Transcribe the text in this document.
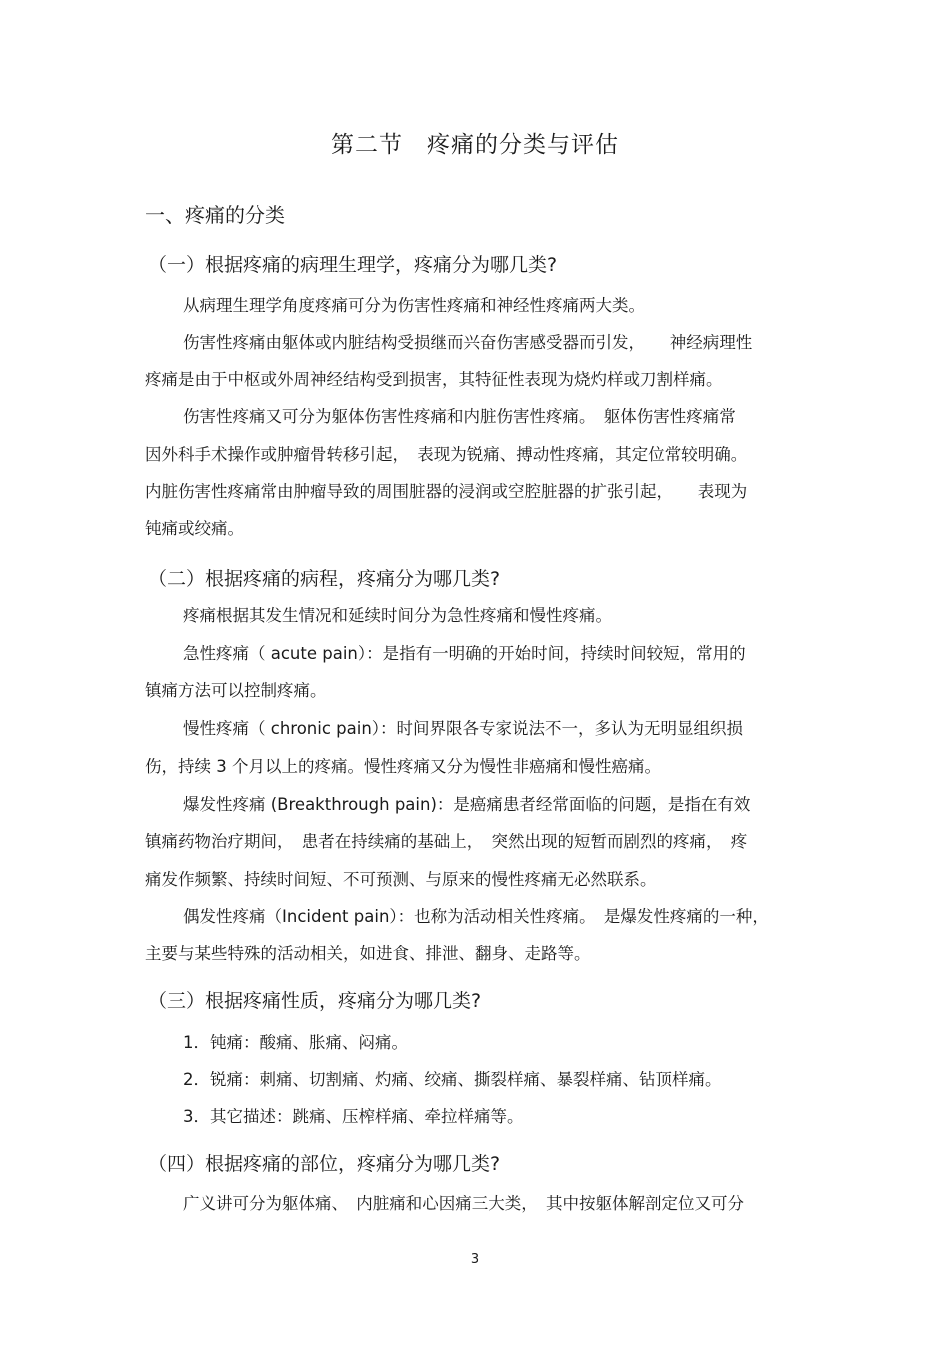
第二节　疼痛的分类与评估
一、疼痛的分类
（一）根据疼痛的病理生理学，疼痛分为哪几类?
从病理生理学角度疼痛可分为伤害性疼痛和神经性疼痛两大类。
伤害性疼痛由躯体或内脏结构受损继而兴奋伤害感受器而引发，　　神经病理性
疼痛是由于中枢或外周神经结构受到损害，其特征性表现为烧灼样或刀割样痛。
伤害性疼痛又可分为躯体伤害性疼痛和内脏伤害性疼痛。　躯体伤害性疼痛常
因外科手术操作或肿瘤骨转移引起，　表现为锐痛、搏动性疼痛，其定位常较明确。
内脏伤害性疼痛常由肿瘤导致的周围脏器的浸润或空腔脏器的扩张引起，　　表现为
钝痛或绞痛。
（二）根据疼痛的病程，疼痛分为哪几类?
疼痛根据其发生情况和延续时间分为急性疼痛和慢性疼痛。
急性疼痛（ acute pain）：是指有一明确的开始时间，持续时间较短，常用的
镇痛方法可以控制疼痛。
慢性疼痛（ chronic pain）：时间界限各专家说法不一，多认为无明显组织损
伤，持续 3 个月以上的疼痛。慢性疼痛又分为慢性非癌痛和慢性癌痛。
爆发性疼痛 (Breakthrough pain)：是癌痛患者经常面临的问题，是指在有效
镇痛药物治疗期间，　患者在持续痛的基础上，　突然出现的短暂而剧烈的疼痛，　疼
痛发作频繁、持续时间短、不可预测、与原来的慢性疼痛无必然联系。
偶发性疼痛（Incident pain）：也称为活动相关性疼痛。　是爆发性疼痛的一种，
主要与某些特殊的活动相关，如进食、排泄、翻身、走路等。
（三）根据疼痛性质，疼痛分为哪几类?
1．钝痛：酸痛、胀痛、闷痛。
2．锐痛：刺痛、切割痛、灼痛、绞痛、撕裂样痛、暴裂样痛、钻顶样痛。
3．其它描述：跳痛、压榨样痛、牵拉样痛等。
（四）根据疼痛的部位，疼痛分为哪几类?
广义讲可分为躯体痛、　内脏痛和心因痛三大类，　其中按躯体解剖定位又可分
3
